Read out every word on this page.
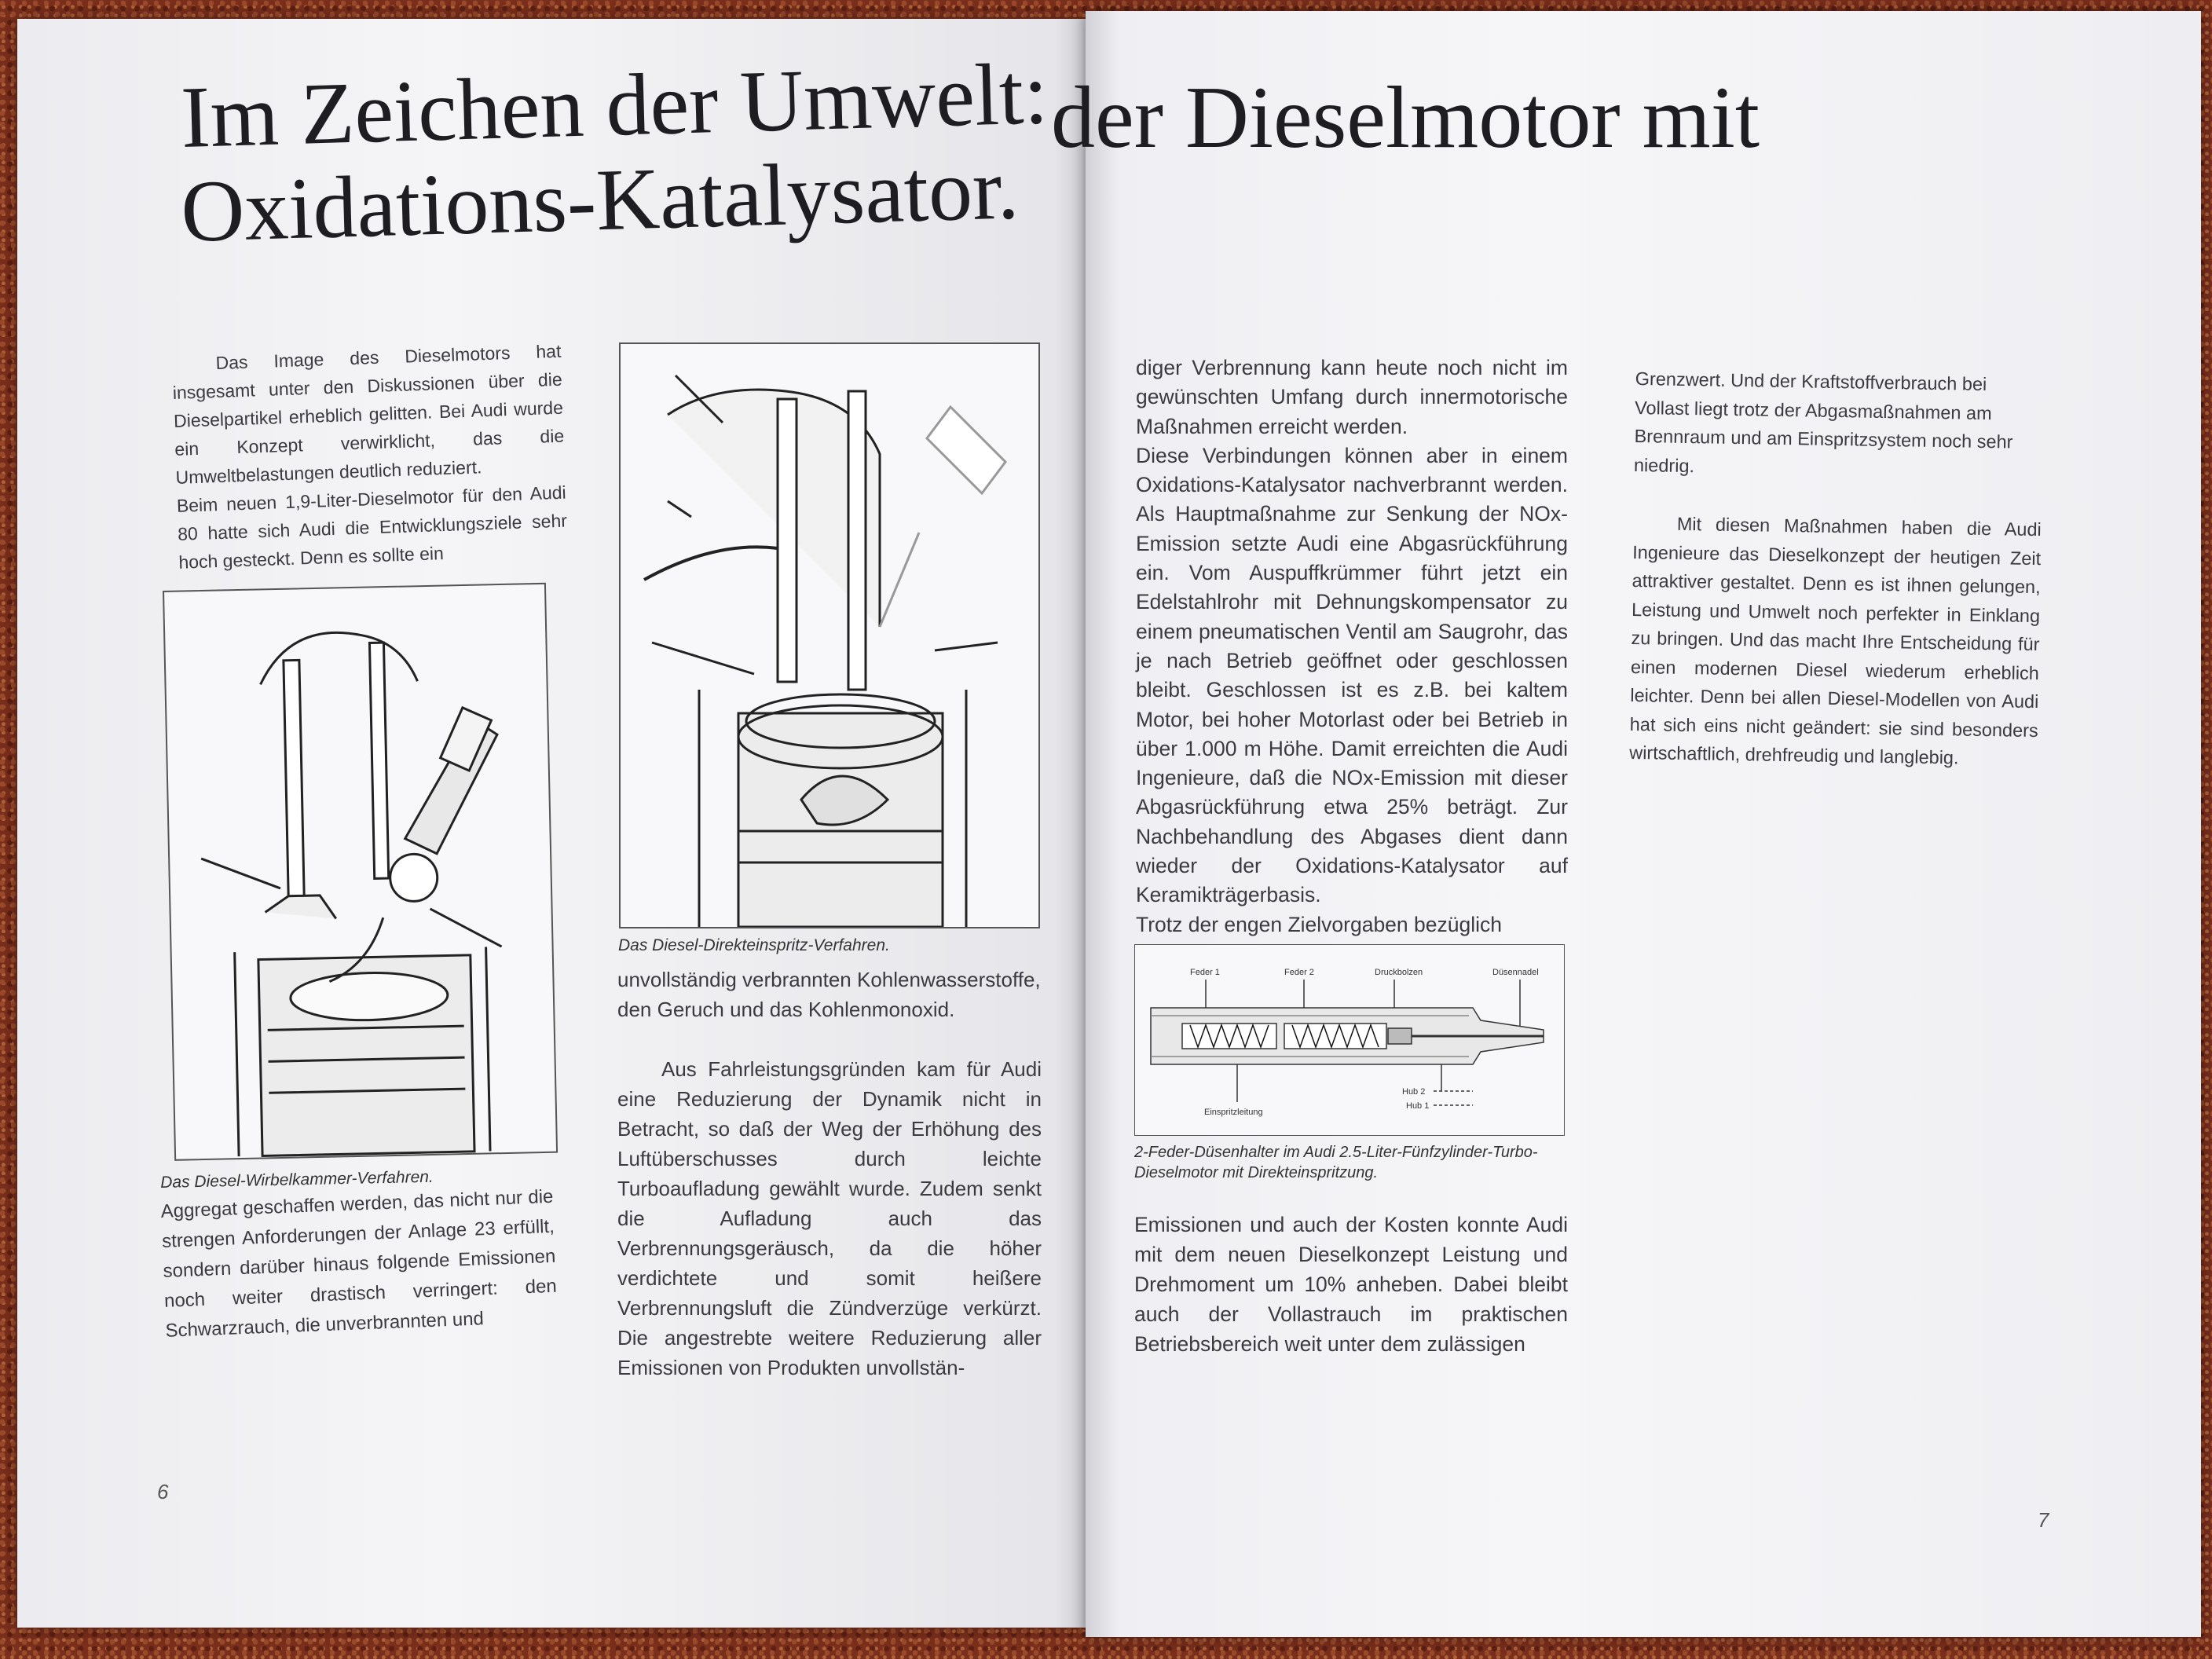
Im Zeichen der Umwelt:
Oxidations-Katalysator.

Das Image des Dieselmotors hat insgesamt unter den Diskussionen über die Dieselpartikel erheblich gelitten. Bei Audi wurde ein Konzept verwirklicht, das die Umweltbelastungen deutlich reduziert.

Beim neuen 1,9-Liter-Dieselmotor für den Audi 80 hatte sich Audi die Entwicklungsziele sehr hoch gesteckt. Denn es sollte ein

Das Diesel-Wirbelkammer-Verfahren.

Aggregat geschaffen werden, das nicht nur die strengen Anforderungen der Anlage 23 erfüllt, sondern darüber hinaus folgende Emissionen noch weiter drastisch verringert: den Schwarzrauch, die unverbrannten und

Das Diesel-Direkteinspritz-Verfahren.

unvollständig verbrannten Kohlenwasserstoffe, den Geruch und das Kohlenmonoxid.

Aus Fahrleistungsgründen kam für Audi eine Reduzierung der Dynamik nicht in Betracht, so daß der Weg der Erhöhung des Luftüberschusses durch leichte Turboaufladung gewählt wurde. Zudem senkt die Aufladung auch das Verbrennungsgeräusch, da die höher verdichtete und somit heißere Verbrennungsluft die Zündverzüge verkürzt. Die angestrebte weitere Reduzierung aller Emissionen von Produkten unvollstän-

6
der Dieselmotor mit

diger Verbrennung kann heute noch nicht im gewünschten Umfang durch innermotorische Maßnahmen erreicht werden.

Diese Verbindungen können aber in einem Oxidations-Katalysator nachverbrannt werden. Als Hauptmaßnahme zur Senkung der NOx-Emission setzte Audi eine Abgasrückführung ein. Vom Auspuffkrümmer führt jetzt ein Edelstahlrohr mit Dehnungskompensator zu einem pneumatischen Ventil am Saugrohr, das je nach Betrieb geöffnet oder geschlossen bleibt. Geschlossen ist es z.B. bei kaltem Motor, bei hoher Motorlast oder bei Betrieb in über 1.000 m Höhe. Damit erreichten die Audi Ingenieure, daß die NOx-Emission mit dieser Abgasrückführung etwa 25% beträgt. Zur Nachbehandlung des Abgases dient dann wieder der Oxidations-Katalysator auf Keramikträgerbasis.

Trotz der engen Zielvorgaben bezüglich

Feder 1	Feder 2	Druckbolzen	Düsennadel
Einspritzleitung
Hub 2
Hub 1

2-Feder-Düsenhalter im Audi 2.5-Liter-Fünfzylinder-Turbo-Dieselmotor mit Direkteinspritzung.

Emissionen und auch der Kosten konnte Audi mit dem neuen Dieselkonzept Leistung und Drehmoment um 10% anheben. Dabei bleibt auch der Vollastrauch im praktischen Betriebsbereich weit unter dem zulässigen

Grenzwert. Und der Kraftstoffverbrauch bei Vollast liegt trotz der Abgasmaßnahmen am Brennraum und am Einspritzsystem noch sehr niedrig.

Mit diesen Maßnahmen haben die Audi Ingenieure das Dieselkonzept der heutigen Zeit attraktiver gestaltet. Denn es ist ihnen gelungen, Leistung und Umwelt noch perfekter in Einklang zu bringen. Und das macht Ihre Entscheidung für einen modernen Diesel wiederum erheblich leichter. Denn bei allen Diesel-Modellen von Audi hat sich eins nicht geändert: sie sind besonders wirtschaftlich, drehfreudig und langlebig.

7
